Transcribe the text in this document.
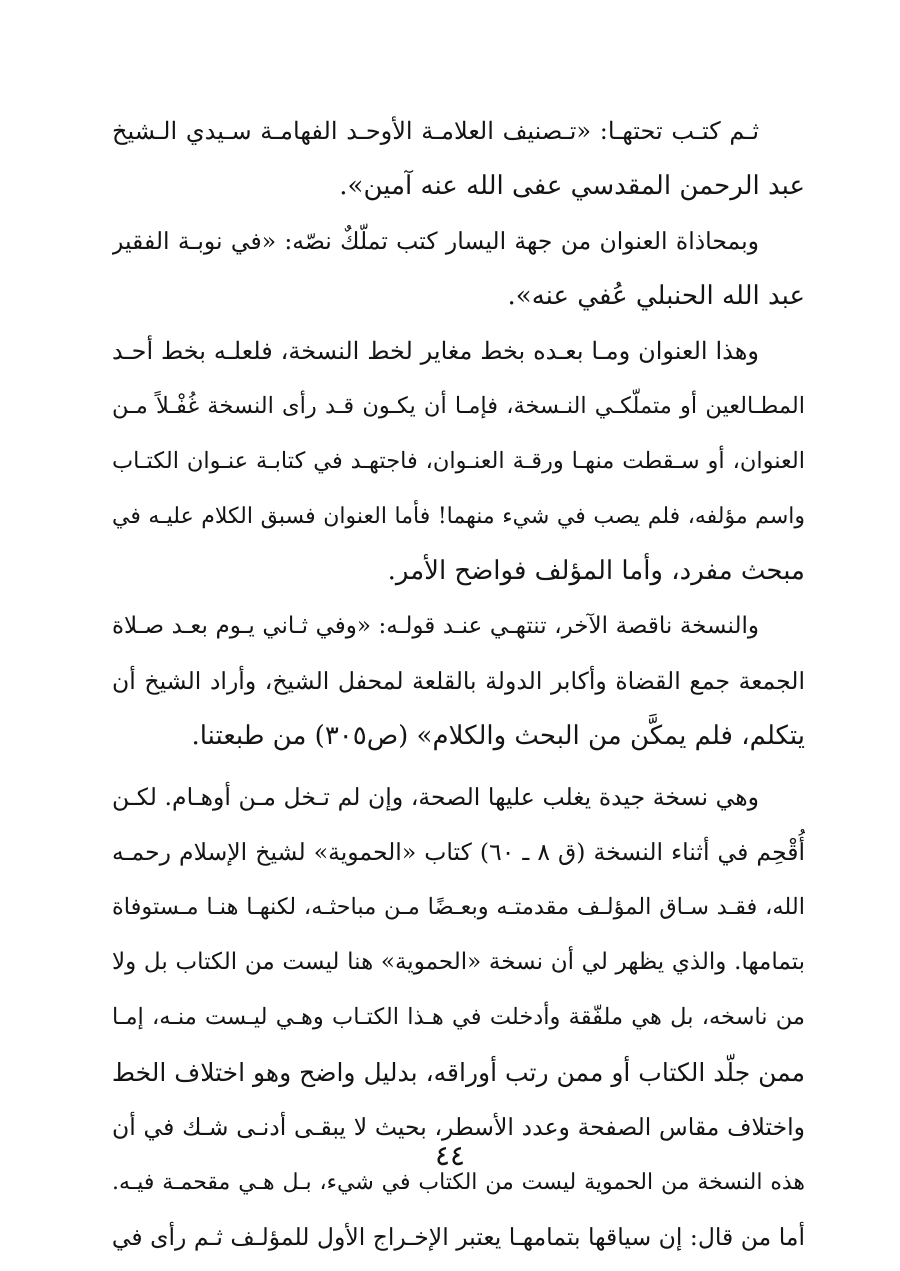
ثـم كتـب تحتهـا: «تـصنيف العلامـة الأوحـد الفهامـة سـيدي الـشيخ
عبد الرحمن المقدسي عفى الله عنه آمين».
وبمحاذاة العنوان من جهة اليسار كتب تملّكٌ نصّه: «في نوبـة الفقير
عبد الله الحنبلي عُفي عنه».
وهذا العنوان ومـا بعـده بخط مغاير لخط النسخة، فلعلـه بخط أحـد
المطـالعين أو متملّكـي النـسخة، فإمـا أن يكـون قـد رأى النسخة غُفْـلاً مـن
العنوان، أو سـقطت منهـا ورقـة العنـوان، فاجتهـد في كتابـة عنـوان الكتـاب
واسم مؤلفه، فلم يصب في شيء منهما! فأما العنوان فسبق الكلام عليـه في
مبحث مفرد، وأما المؤلف فواضح الأمر.
والنسخة ناقصة الآخر، تنتهـي عنـد قولـه: «وفي ثـاني يـوم بعـد صـلاة
الجمعة جمع القضاة وأكابر الدولة بالقلعة لمحفل الشيخ، وأراد الشيخ أن
يتكلم، فلم يمكَّن من البحث والكلام» (ص٣٠٥) من طبعتنا.
وهي نسخة جيدة يغلب عليها الصحة، وإن لم تـخل مـن أوهـام. لكـن
أُقْحِم في أثناء النسخة (ق ٨ ـ ٦٠) كتاب «الحموية» لشيخ الإسلام رحمـه
الله، فقـد سـاق المؤلـف مقدمتـه وبعـضًا مـن مباحثـه، لكنهـا هنـا مـستوفاة
بتمامها. والذي يظهر لي أن نسخة «الحموية» هنا ليست من الكتاب بل ولا
من ناسخه، بل هي ملفّقة وأدخلت في هـذا الكتـاب وهـي ليـست منـه، إمـا
ممن جلّد الكتاب أو ممن رتب أوراقه، بدليل واضح وهو اختلاف الخط
واختلاف مقاس الصفحة وعدد الأسطر، بحيث لا يبقـى أدنـى شـك في أن
هذه النسخة من الحموية ليست من الكتاب في شيء، بـل هـي مقحمـة فيـه.
أما من قال: إن سياقها بتمامهـا يعتبر الإخـراج الأول للمؤلـف ثـم رأى في
٤٤
